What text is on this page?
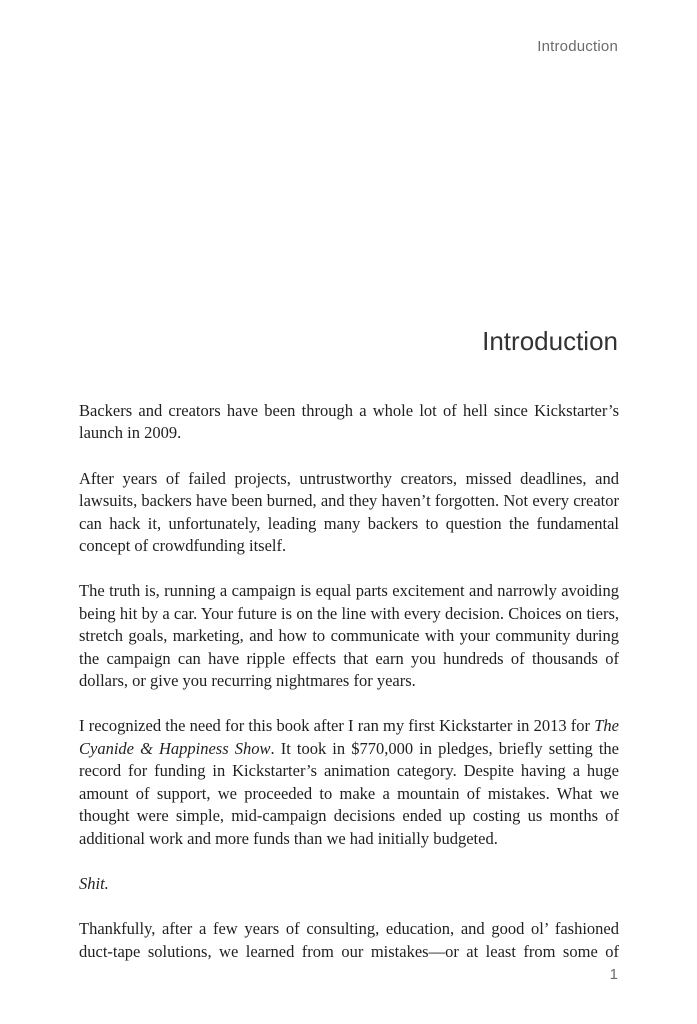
Introduction
Introduction

Backers and creators have been through a whole lot of hell since Kickstarter’s launch in 2009.

After years of failed projects, untrustworthy creators, missed deadlines, and lawsuits, backers have been burned, and they haven’t forgotten. Not every creator can hack it, unfortunately, leading many backers to question the fundamental concept of crowdfunding itself.

The truth is, running a campaign is equal parts excitement and narrowly avoiding being hit by a car. Your future is on the line with every decision. Choices on tiers, stretch goals, marketing, and how to communicate with your community during the campaign can have ripple effects that earn you hundreds of thousands of dollars, or give you recurring nightmares for years.

I recognized the need for this book after I ran my first Kickstarter in 2013 for The Cyanide & Happiness Show. It took in $770,000 in pledges, briefly setting the record for funding in Kickstarter’s animation category. Despite having a huge amount of support, we proceeded to make a mountain of mistakes. What we thought were simple, mid-campaign decisions ended up costing us months of additional work and more funds than we had initially budgeted.

Shit.

Thankfully, after a few years of consulting, education, and good ol’ fashioned duct-tape solutions, we learned from our mistakes—or at least from some of

1
